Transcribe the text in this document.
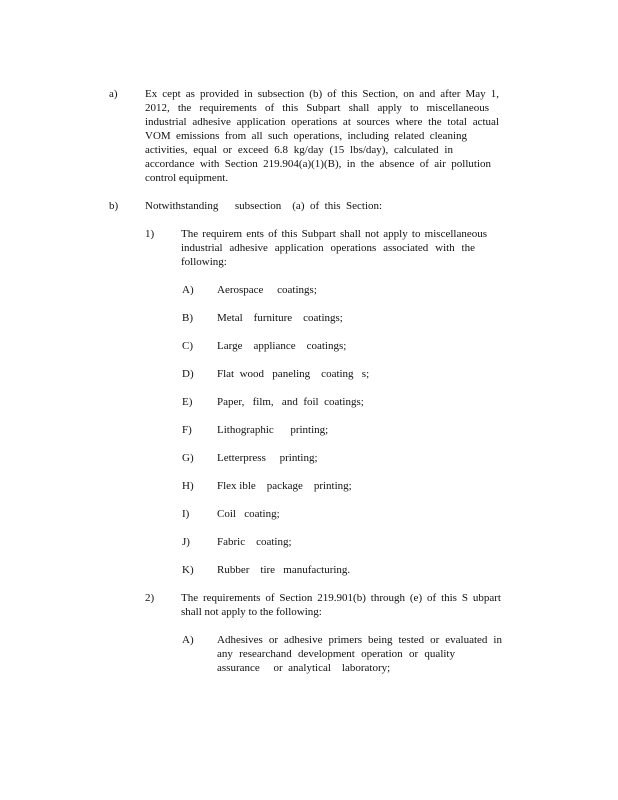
a) Ex cept as provided in subsection (b) of this Section, on and after May 1,
2012, the requirements of this Subpart shall apply to miscellaneous
industrial adhesive application operations at sources where the total actual
VOM emissions from all such operations, including related cleaning
activities, equal or exceed 6.8 kg/day (15 lbs/day), calculated in
accordance with Section 219.904(a)(1)(B), in the absence of air pollution
control equipment.
b) Notwithstanding      subsection    (a)  of  this  Section:
1) The requirem ents of this Subpart shall not apply to miscellaneous
industrial adhesive application operations associated with the
following:
A) Aerospace     coatings;
B) Metal    furniture    coatings;
C) Large    appliance    coatings;
D) Flat  wood   paneling    coating   s;
E) Paper,   film,   and  foil  coatings;
F) Lithographic      printing;
G) Letterpress     printing;
H) Flex ible    package    printing;
I)	Coil   coating;
J) Fabric    coating;
K) Rubber    tire   manufacturing.
2) The requirements of Section 219.901(b) through (e) of this S ubpart
shall not apply to the following:
A) Adhesives or adhesive primers being tested or evaluated in
any researchand development operation or quality
assurance     or  analytical    laboratory;
